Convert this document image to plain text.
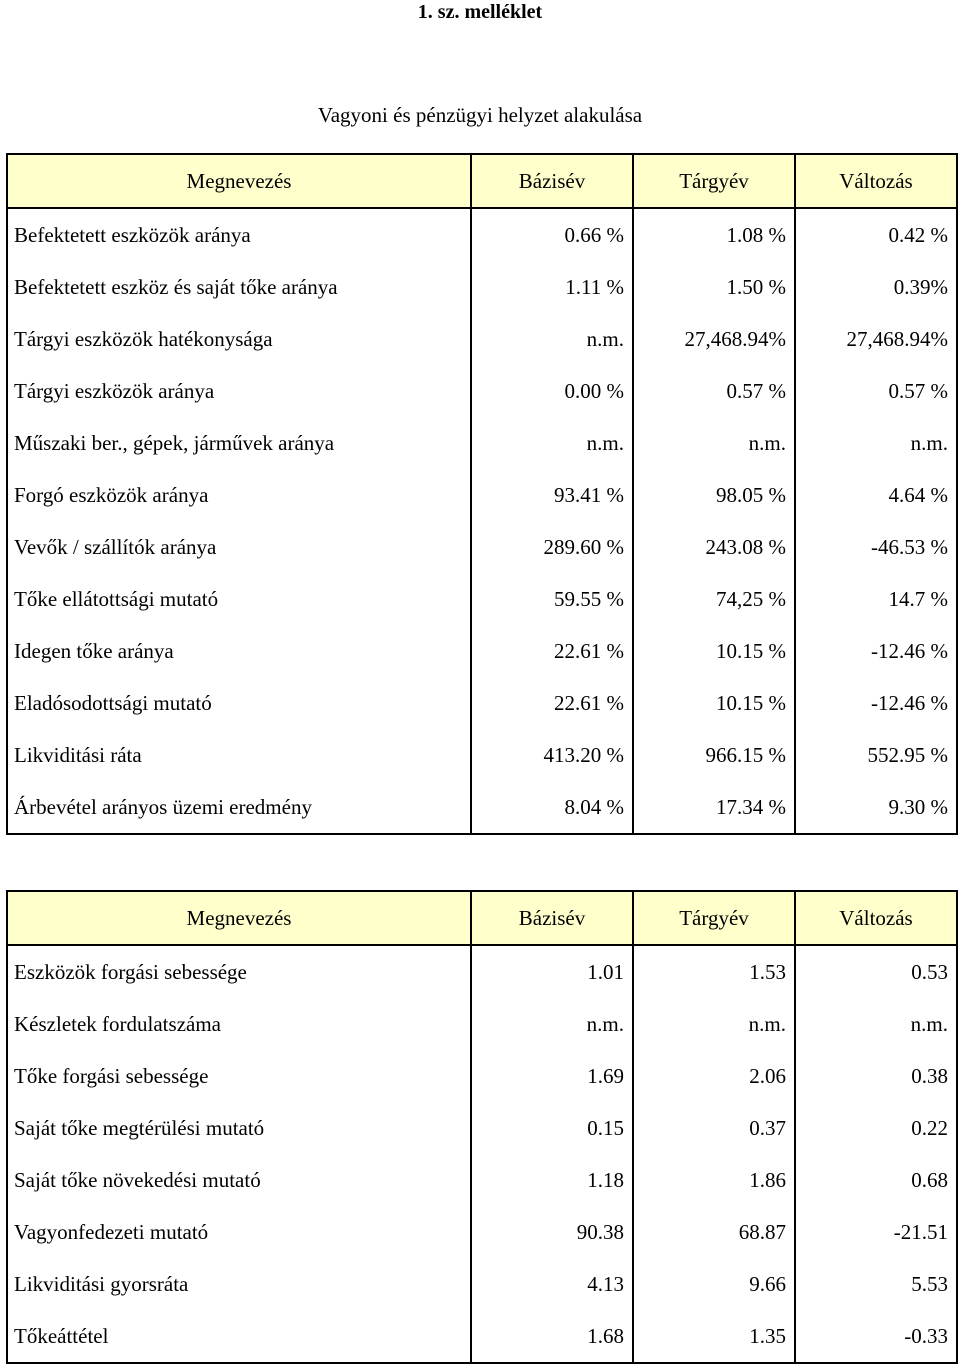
1. sz. melléklet
Vagyoni és pénzügyi helyzet alakulása
Megnevezés	Bázisév	Tárgyév	Változás
Befektetett eszközök aránya	0.66 %	1.08 %	0.42 %
Befektetett eszköz és saját tőke aránya	1.11 %	1.50 %	0.39%
Tárgyi eszközök hatékonysága	n.m.	27,468.94%	27,468.94%
Tárgyi eszközök aránya	0.00 %	0.57 %	0.57 %
Műszaki ber., gépek, járművek aránya	n.m.	n.m.	n.m.
Forgó eszközök aránya	93.41 %	98.05 %	4.64 %
Vevők / szállítók aránya	289.60 %	243.08 %	-46.53 %
Tőke ellátottsági mutató	59.55 %	74,25 %	14.7 %
Idegen tőke aránya	22.61 %	10.15 %	-12.46 %
Eladósodottsági mutató	22.61 %	10.15 %	-12.46 %
Likviditási ráta	413.20 %	966.15 %	552.95 %
Árbevétel arányos üzemi eredmény	8.04 %	17.34 %	9.30 %
Megnevezés	Bázisév	Tárgyév	Változás
Eszközök forgási sebessége	1.01	1.53	0.53
Készletek fordulatszáma	n.m.	n.m.	n.m.
Tőke forgási sebessége	1.69	2.06	0.38
Saját tőke megtérülési mutató	0.15	0.37	0.22
Saját tőke növekedési mutató	1.18	1.86	0.68
Vagyonfedezeti mutató	90.38	68.87	-21.51
Likviditási gyorsráta	4.13	9.66	5.53
Tőkeáttétel	1.68	1.35	-0.33
